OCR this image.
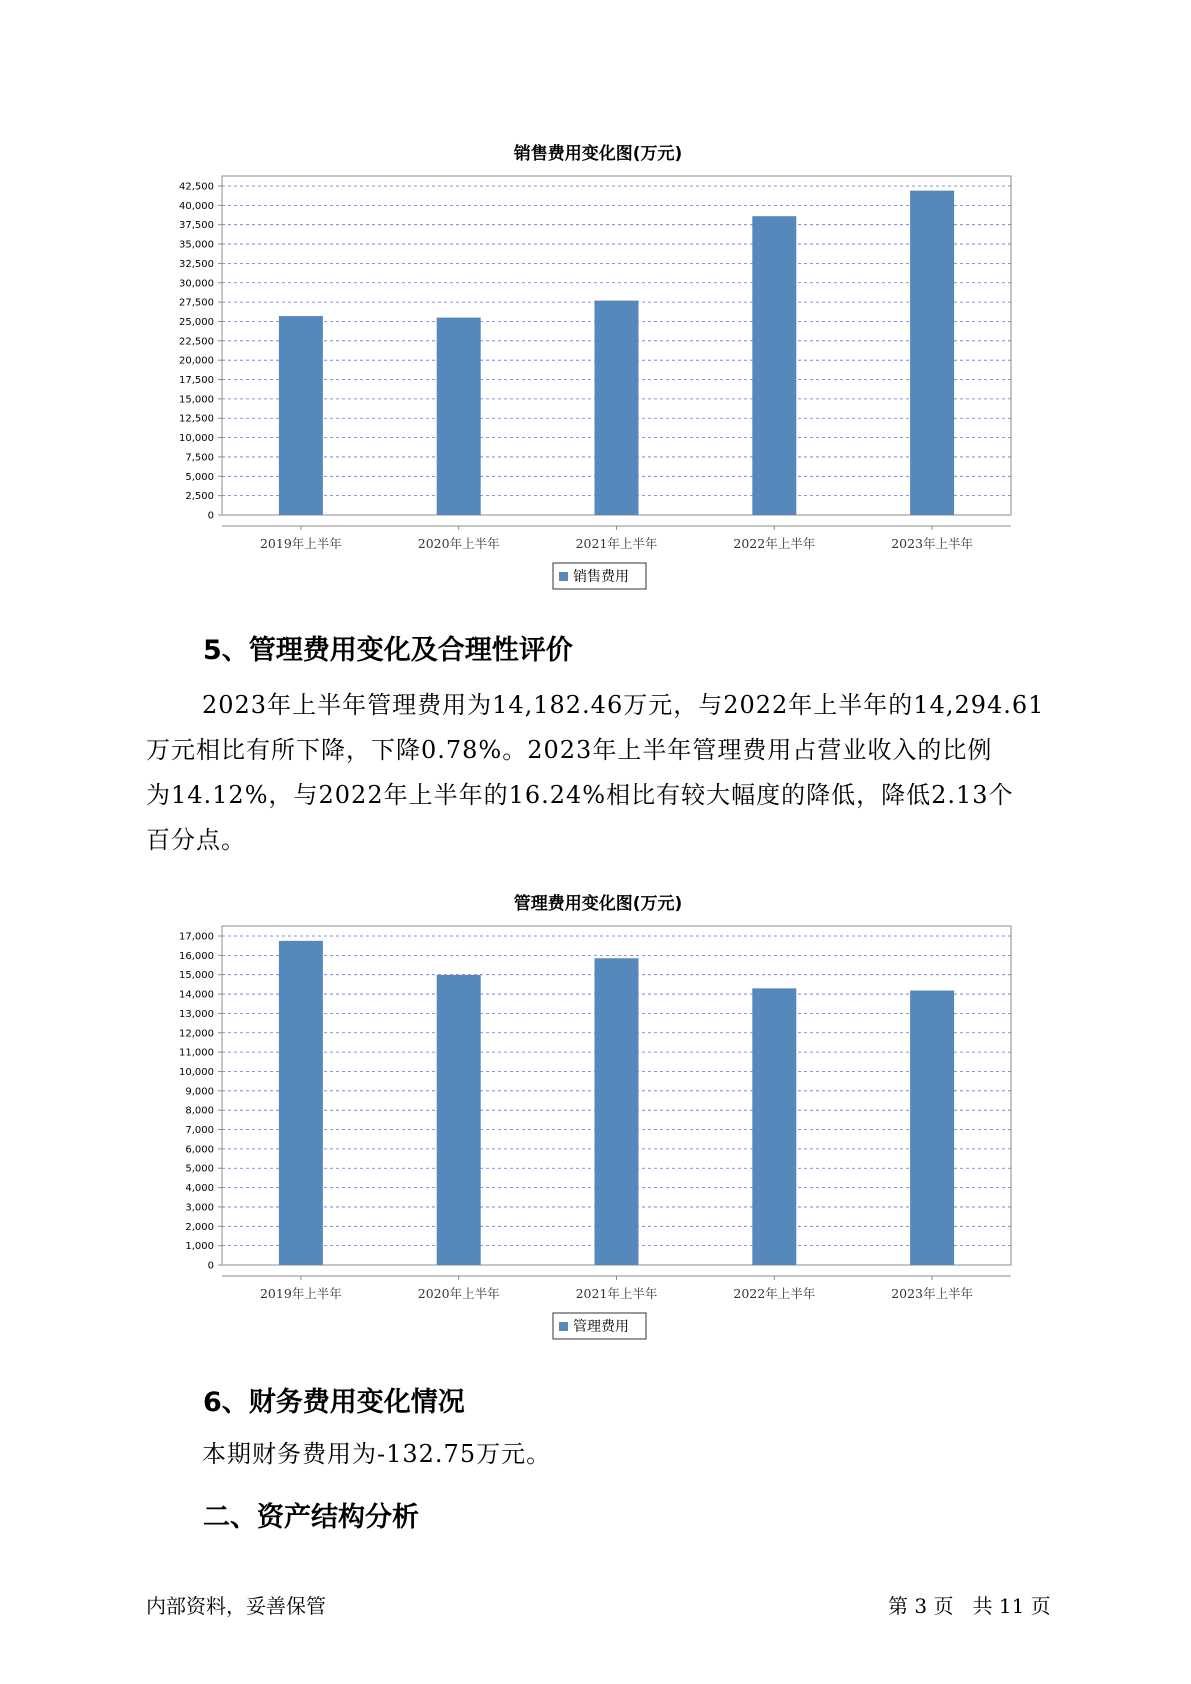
销售费用变化图(万元)
0
2,500
5,000
7,500
10,000
12,500
15,000
17,500
20,000
22,500
25,000
27,500
30,000
32,500
35,000
37,500
40,000
42,500
2019年上半年	2020年上半年	2021年上半年	2022年上半年	2023年上半年
销售费用
5、管理费用变化及合理性评价
2023年上半年管理费用为14,182.46万元，与2022年上半年的14,294.61
万元相比有所下降，下降0.78%。2023年上半年管理费用占营业收入的比例
为14.12%，与2022年上半年的16.24%相比有较大幅度的降低，降低2.13个
百分点。
管理费用变化图(万元)
0
1,000
2,000
3,000
4,000
5,000
6,000
7,000
8,000
9,000
10,000
11,000
12,000
13,000
14,000
15,000
16,000
17,000
2019年上半年	2020年上半年	2021年上半年	2022年上半年	2023年上半年
管理费用
6、财务费用变化情况

本期财务费用为-132.75万元。

二、资产结构分析
内部资料，妥善保管	第 3 页   共 11 页
